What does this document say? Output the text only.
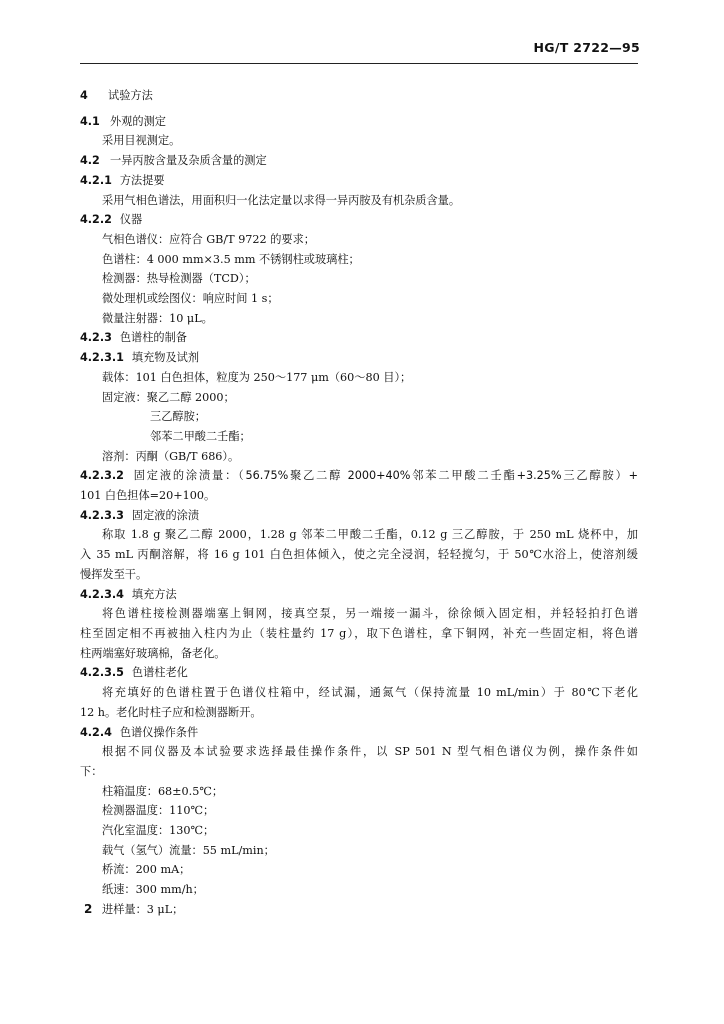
HG/T 2722—95
4 试验方法
4.1 外观的测定
采用目视测定。
4.2 一异丙胺含量及杂质含量的测定
4.2.1 方法提要
采用气相色谱法，用面积归一化法定量以求得一异丙胺及有机杂质含量。
4.2.2 仪器
气相色谱仪：应符合 GB/T 9722 的要求；
色谱柱：4 000 mm×3.5 mm 不锈钢柱或玻璃柱；
检测器：热导检测器（TCD）；
微处理机或绘图仪：响应时间 1 s；
微量注射器：10 μL。
4.2.3 色谱柱的制备
4.2.3.1 填充物及试剂
载体：101 白色担体，粒度为 250～177 μm（60～80 目）；
固定液：聚乙二醇 2000；
三乙醇胺；
邻苯二甲酸二壬酯；
溶剂：丙酮（GB/T 686）。
4.2.3.2 固定液的涂渍量：（56.75%聚乙二醇 2000+40%邻苯二甲酸二壬酯+3.25%三乙醇胺）+
101 白色担体=20+100。
4.2.3.3 固定液的涂渍
称取 1.8 g 聚乙二醇 2000，1.28 g 邻苯二甲酸二壬酯，0.12 g 三乙醇胺，于 250 mL 烧杯中，加
入 35 mL 丙酮溶解，将 16 g 101 白色担体倾入，使之完全浸润，轻轻搅匀，于 50℃水浴上，使溶剂缓
慢挥发至干。
4.2.3.4 填充方法
将色谱柱接检测器端塞上铜网，接真空泵，另一端接一漏斗，徐徐倾入固定相，并轻轻拍打色谱
柱至固定相不再被抽入柱内为止（装柱量约 17 g），取下色谱柱，拿下铜网，补充一些固定相，将色谱
柱两端塞好玻璃棉，备老化。
4.2.3.5 色谱柱老化
将充填好的色谱柱置于色谱仪柱箱中，经试漏，通氮气（保持流量 10 mL/min）于 80℃下老化
12 h。老化时柱子应和检测器断开。
4.2.4 色谱仪操作条件
根据不同仪器及本试验要求选择最佳操作条件，以 SP 501 N 型气相色谱仪为例，操作条件如
下：
柱箱温度：68±0.5℃；
检测器温度：110℃；
汽化室温度：130℃；
载气（氢气）流量：55 mL/min；
桥流：200 mA；
纸速：300 mm/h；
进样量：3 μL；
2
